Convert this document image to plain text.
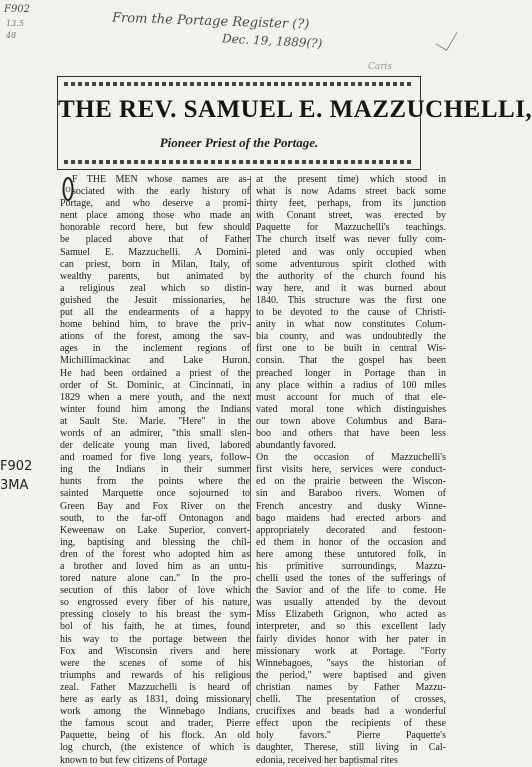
F902
13.5
48
From the Portage Register (?)
Dec. 19, 1889(?)
Caris
F902
3MA
THE REV. SAMUEL E. MAZZUCHELLI,
Pioneer Priest of the Portage.
O
F THE MEN whose names are as-
sociated with the early history of
Portage, and who deserve a promi-
nent place among those who made an
honorable record here, but few should
be placed above that of Father
Samuel E. Mazzuchelli. A Domini-
can priest, born in Milan, Italy, of
wealthy parents, but animated by
a religious zeal which so distin-
guished the Jesuit missionaries, he
put all the endearments of a happy
home behind him, to brave the priv-
ations of the forest, among the sav-
ages in the inclement regions of
Michillimackinac and Lake Huron.
He had been ordained a priest of the
order of St. Dominic, at Cincinnati, in
1829 when a mere youth, and the next
winter found him among the Indians
at Sault Ste. Marie. "Here" in the
words of an admirer, "this small slen-
der delicate young man lived, labored
and roamed for five long years, follow-
ing the Indians in their summer
hunts from the points where the
sainted Marquette once sojourned to
Green Bay and Fox River on the
south, to the far-off Ontonagon and
Keweenaw on Lake Superior, convert-
ing, baptising and blessing the chil-
dren of the forest who adopted him as
a brother and loved him as an untu-
tored nature alone can." In the pro-
secution of this labor of love which
so engrossed every fiber of his nature,
pressing closely to his breast the sym-
bol of his faith, he at times, found
his way to the portage between the
Fox and Wisconsin rivers and here
were the scenes of some of his
triumphs and rewards of his religious
zeal. Father Mazzuchelli is heard of
here as early as 1831, doing missionary
work among the Winnebago Indians,
the famous scout and trader, Pierre
Paquette, being of his flock. An old
log church, (the existence of which is
known to but few citizens of Portage
at the present time) which stood in
what is now Adams street back some
thirty feet, perhaps, from its junction
with Conant street, was erected by
Paquette for Mazzuchelli's teachings.
The church itself was never fully com-
pleted and was only occupied when
some adventurous spirit clothed with
the authority of the church found his
way here, and it was burned about
1840. This structure was the first one
to be devoted to the cause of Christi-
anity in what now constitutes Colum-
bia county, and was undoubtedly the
first one to be built in central Wis-
consin. That the gospel has been
preached longer in Portage than in
any place within a radius of 100 miles
must account for much of that ele-
vated moral tone which distinguishes
our town above Columbus and Bara-
boo and others that have been less
abundantly favored.
On the occasion of Mazzuchelli's
first visits here, services were conduct-
ed on the prairie between the Wiscon-
sin and Baraboo rivers. Women of
French ancestry and dusky Winne-
bago maidens had erected arbors and
appropriately decorated and festoon-
ed them in honor of the occasion and
here among these untutored folk, in
his primitive surroundings, Mazzu-
chelli used the tones of the sufferings of
the Savior and of the life to come. He
was usually attended by the devout
Miss Elizabeth Grignon, who acted as
interpreter, and so this excellent lady
fairly divides honor with her pater in
missionary work at Portage. "Forty
Winnebagoes, "says the historian of
the period," were baptised and given
christian names by Father Mazzu-
chelli. The presentation of crosses,
crucifixes and beads had a wonderful
effect upon the recipients of these
holy favors." Pierre Paquette's
daughter, Therese, still living in Cal-
edonia, received her baptismal rites
